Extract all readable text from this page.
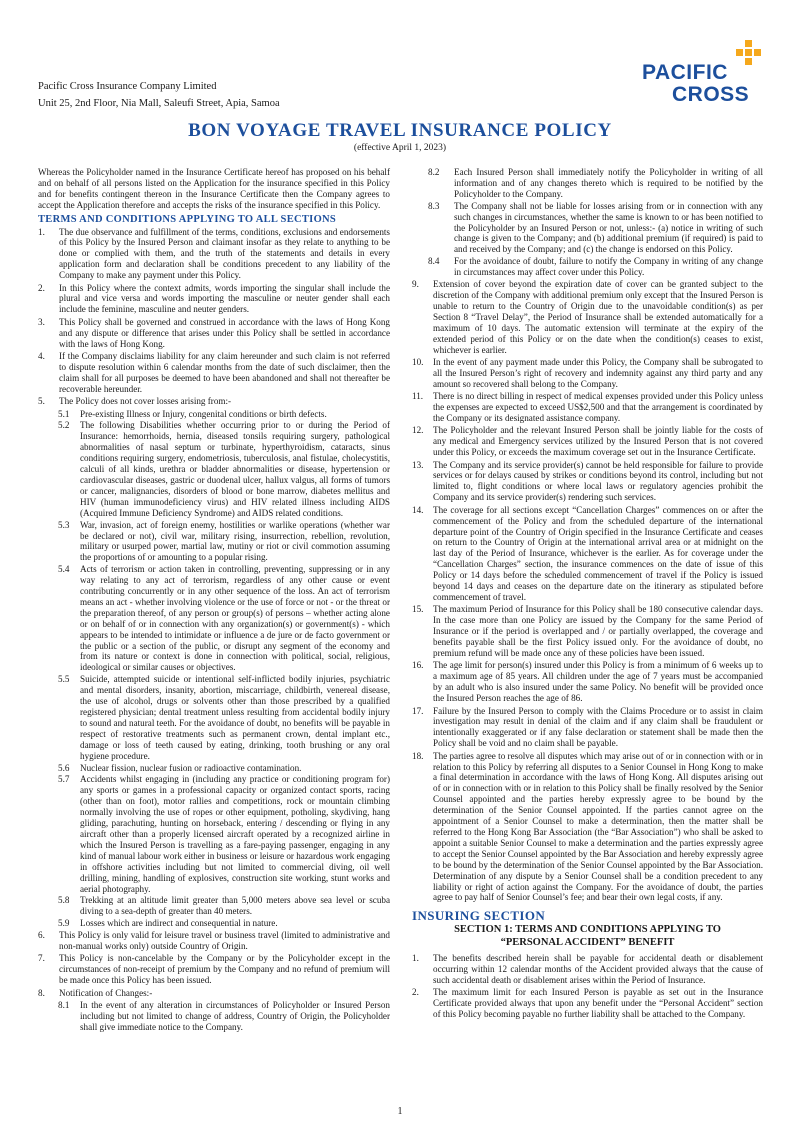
Pacific Cross Insurance Company Limited
Unit 25, 2nd Floor, Nia Mall, Saleufi Street, Apia, Samoa
PACIFIC
CROSS
BON VOYAGE TRAVEL INSURANCE POLICY
(effective April 1, 2023)

Whereas the Policyholder named in the Insurance Certificate hereof has proposed on his behalf and on behalf of all persons listed on the Application for the insurance specified in this Policy and for benefits contingent thereon in the Insurance Certificate then the Company agrees to accept the Application therefore and accepts the risks of the insurance specified in this Policy.

TERMS AND CONDITIONS APPLYING TO ALL SECTIONS
1. The due observance and fulfillment of the terms, conditions, exclusions and endorsements of this Policy by the Insured Person and claimant insofar as they relate to anything to be done or complied with them, and the truth of the statements and details in every application form and declaration shall be conditions precedent to any liability of the Company to make any payment under this Policy.
2. In this Policy where the context admits, words importing the singular shall include the plural and vice versa and words importing the masculine or neuter gender shall each include the feminine, masculine and neuter genders.
3. This Policy shall be governed and construed in accordance with the laws of Hong Kong and any dispute or difference that arises under this Policy shall be settled in accordance with the laws of Hong Kong.
4. If the Company disclaims liability for any claim hereunder and such claim is not referred to dispute resolution within 6 calendar months from the date of such disclaimer, then the claim shall for all purposes be deemed to have been abandoned and shall not thereafter be recoverable hereunder.
5. The Policy does not cover losses arising from:-
5.1 Pre-existing Illness or Injury, congenital conditions or birth defects.
5.2 The following Disabilities whether occurring prior to or during the Period of Insurance: hemorrhoids, hernia, diseased tonsils requiring surgery, pathological abnormalities of nasal septum or turbinate, hyperthyroidism, cataracts, sinus conditions requiring surgery, endometriosis, tuberculosis, anal fistulae, cholecystitis, calculi of all kinds, urethra or bladder abnormalities or disease, hypertension or cardiovascular diseases, gastric or duodenal ulcer, hallux valgus, all forms of tumors or cancer, malignancies, disorders of blood or bone marrow, diabetes mellitus and HIV (human immunodeficiency virus) and HIV related illness including AIDS (Acquired Immune Deficiency Syndrome) and AIDS related conditions.
5.3 War, invasion, act of foreign enemy, hostilities or warlike operations (whether war be declared or not), civil war, military rising, insurrection, rebellion, revolution, military or usurped power, martial law, mutiny or riot or civil commotion assuming the proportions of or amounting to a popular rising.
5.4 Acts of terrorism or action taken in controlling, preventing, suppressing or in any way relating to any act of terrorism, regardless of any other cause or event contributing concurrently or in any other sequence of the loss. An act of terrorism means an act - whether involving violence or the use of force or not - or the threat or the preparation thereof, of any person or group(s) of persons – whether acting alone or on behalf of or in connection with any organization(s) or government(s) - which appears to be intended to intimidate or influence a de jure or de facto government or the public or a section of the public, or disrupt any segment of the economy and from its nature or context is done in connection with political, social, religious, ideological or similar causes or objectives.
5.5 Suicide, attempted suicide or intentional self-inflicted bodily injuries, psychiatric and mental disorders, insanity, abortion, miscarriage, childbirth, venereal disease, the use of alcohol, drugs or solvents other than those prescribed by a qualified registered physician; dental treatment unless resulting from accidental bodily injury to sound and natural teeth. For the avoidance of doubt, no benefits will be payable in respect of restorative treatments such as permanent crown, dental implant etc., damage or loss of teeth caused by eating, drinking, tooth brushing or any oral hygiene procedure.
5.6 Nuclear fission, nuclear fusion or radioactive contamination.
5.7 Accidents whilst engaging in (including any practice or conditioning program for) any sports or games in a professional capacity or organized contact sports, racing (other than on foot), motor rallies and competitions, rock or mountain climbing normally involving the use of ropes or other equipment, potholing, skydiving, hang gliding, parachuting, hunting on horseback, entering / descending or flying in any aircraft other than a properly licensed aircraft operated by a recognized airline in which the Insured Person is travelling as a fare-paying passenger, engaging in any kind of manual labour work either in business or leisure or hazardous work engaging in offshore activities including but not limited to commercial diving, oil well drilling, mining, handling of explosives, construction site working, stunt works and aerial photography.
5.8 Trekking at an altitude limit greater than 5,000 meters above sea level or scuba diving to a sea-depth of greater than 40 meters.
5.9 Losses which are indirect and consequential in nature.
6. This Policy is only valid for leisure travel or business travel (limited to administrative and non-manual works only) outside Country of Origin.
7. This Policy is non-cancelable by the Company or by the Policyholder except in the circumstances of non-receipt of premium by the Company and no refund of premium will be made once this Policy has been issued.
8. Notification of Changes:-
8.1 In the event of any alteration in circumstances of Policyholder or Insured Person including but not limited to change of address, Country of Origin, the Policyholder shall give immediate notice to the Company.
8.2 Each Insured Person shall immediately notify the Policyholder in writing of all information and of any changes thereto which is required to be notified by the Policyholder to the Company.
8.3 The Company shall not be liable for losses arising from or in connection with any such changes in circumstances, whether the same is known to or has been notified to the Policyholder by an Insured Person or not, unless:- (a) notice in writing of such change is given to the Company; and (b) additional premium (if required) is paid to and received by the Company; and (c) the change is endorsed on this Policy.
8.4 For the avoidance of doubt, failure to notify the Company in writing of any change in circumstances may affect cover under this Policy.
9. Extension of cover beyond the expiration date of cover can be granted subject to the discretion of the Company with additional premium only except that the Insured Person is unable to return to the Country of Origin due to the unavoidable condition(s) as per Section 8 “Travel Delay”, the Period of Insurance shall be extended automatically for a maximum of 10 days. The automatic extension will terminate at the expiry of the extended period of this Policy or on the date when the condition(s) ceases to exist, whichever is earlier.
10. In the event of any payment made under this Policy, the Company shall be subrogated to all the Insured Person’s right of recovery and indemnity against any third party and any amount so recovered shall belong to the Company.
11. There is no direct billing in respect of medical expenses provided under this Policy unless the expenses are expected to exceed US$2,500 and that the arrangement is coordinated by the Company or its designated assistance company.
12. The Policyholder and the relevant Insured Person shall be jointly liable for the costs of any medical and Emergency services utilized by the Insured Person that is not covered under this Policy, or exceeds the maximum coverage set out in the Insurance Certificate.
13. The Company and its service provider(s) cannot be held responsible for failure to provide services or for delays caused by strikes or conditions beyond its control, including but not limited to, flight conditions or where local laws or regulatory agencies prohibit the Company and its service provider(s) rendering such services.
14. The coverage for all sections except “Cancellation Charges” commences on or after the commencement of the Policy and from the scheduled departure of the international departure point of the Country of Origin specified in the Insurance Certificate and ceases on return to the Country of Origin at the international arrival area or at midnight on the last day of the Period of Insurance, whichever is the earlier. As for coverage under the “Cancellation Charges” section, the insurance commences on the date of issue of this Policy or 14 days before the scheduled commencement of travel if the Policy is issued beyond 14 days and ceases on the departure date on the itinerary as stipulated before commencement of travel.
15. The maximum Period of Insurance for this Policy shall be 180 consecutive calendar days. In the case more than one Policy are issued by the Company for the same Period of Insurance or if the period is overlapped and / or partially overlapped, the coverage and benefits payable shall be the first Policy issued only. For the avoidance of doubt, no premium refund will be made once any of these policies have been issued.
16. The age limit for person(s) insured under this Policy is from a minimum of 6 weeks up to a maximum age of 85 years. All children under the age of 7 years must be accompanied by an adult who is also insured under the same Policy. No benefit will be provided once the Insured Person reaches the age of 86.
17. Failure by the Insured Person to comply with the Claims Procedure or to assist in claim investigation may result in denial of the claim and if any claim shall be fraudulent or intentionally exaggerated or if any false declaration or statement shall be made then the Policy shall be void and no claim shall be payable.
18. The parties agree to resolve all disputes which may arise out of or in connection with or in relation to this Policy by referring all disputes to a Senior Counsel in Hong Kong to make a final determination in accordance with the laws of Hong Kong. All disputes arising out of or in connection with or in relation to this Policy shall be finally resolved by the Senior Counsel appointed and the parties hereby expressly agree to be bound by the determination of the Senior Counsel appointed. If the parties cannot agree on the appointment of a Senior Counsel to make a determination, then the matter shall be referred to the Hong Kong Bar Association (the “Bar Association”) who shall be asked to appoint a suitable Senior Counsel to make a determination and the parties expressly agree to accept the Senior Counsel appointed by the Bar Association and hereby expressly agree to be bound by the determination of the Senior Counsel appointed by the Bar Association. Determination of any dispute by a Senior Counsel shall be a condition precedent to any liability or right of action against the Company. For the avoidance of doubt, the parties agree to pay half of Senior Counsel’s fee; and bear their own legal costs, if any.
INSURING SECTION
SECTION 1: TERMS AND CONDITIONS APPLYING TO
“PERSONAL ACCIDENT” BENEFIT
1. The benefits described herein shall be payable for accidental death or disablement occurring within 12 calendar months of the Accident provided always that the cause of such accidental death or disablement arises within the Period of Insurance.
2. The maximum limit for each Insured Person is payable as set out in the Insurance Certificate provided always that upon any benefit under the “Personal Accident” section of this Policy becoming payable no further liability shall be attached to the Company.
1
